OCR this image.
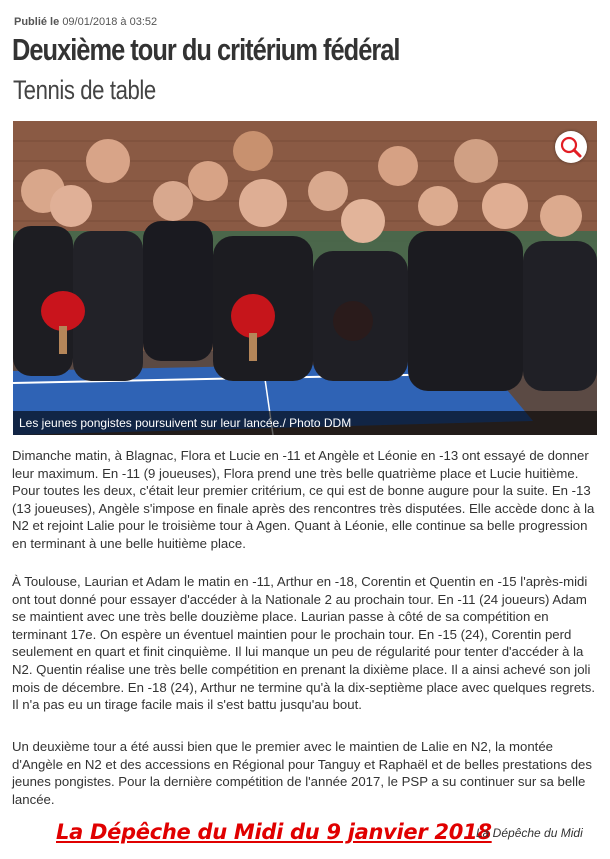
Publié le 09/01/2018 à 03:52
Deuxième tour du critérium fédéral
Tennis de table
Les jeunes pongistes poursuivent sur leur lancée./ Photo DDM
Dimanche matin, à Blagnac, Flora et Lucie en -11 et Angèle et Léonie en -13 ont essayé de donner leur maximum. En -11 (9 joueuses), Flora prend une très belle quatrième place et Lucie huitième. Pour toutes les deux, c'était leur premier critérium, ce qui est de bonne augure pour la suite. En -13 (13 joueuses), Angèle s'impose en finale après des rencontres très disputées. Elle accède donc à la N2 et rejoint Lalie pour le troisième tour à Agen. Quant à Léonie, elle continue sa belle progression en terminant à une belle huitième place.
À Toulouse, Laurian et Adam le matin en -11, Arthur en -18, Corentin et Quentin en -15 l'après-midi ont tout donné pour essayer d'accéder à la Nationale 2 au prochain tour. En -11 (24 joueurs) Adam se maintient avec une très belle douzième place. Laurian passe à côté de sa compétition en terminant 17e. On espère un éventuel maintien pour le prochain tour. En -15 (24), Corentin perd seulement en quart et finit cinquième. Il lui manque un peu de régularité pour tenter d'accéder à la N2. Quentin réalise une très belle compétition en prenant la dixième place. Il a ainsi achevé son joli mois de décembre. En -18 (24), Arthur ne termine qu'à la dix-septième place avec quelques regrets. Il n'a pas eu un tirage facile mais il s'est battu jusqu'au bout.
Un deuxième tour a été aussi bien que le premier avec le maintien de Lalie en N2, la montée d'Angèle en N2 et des accessions en Régional pour Tanguy et Raphaël et de belles prestations des jeunes pongistes. Pour la dernière compétition de l'année 2017, le PSP a su continuer sur sa belle lancée.
La Dépêche du Midi du 9 janvier 2018
La Dépêche du Midi
